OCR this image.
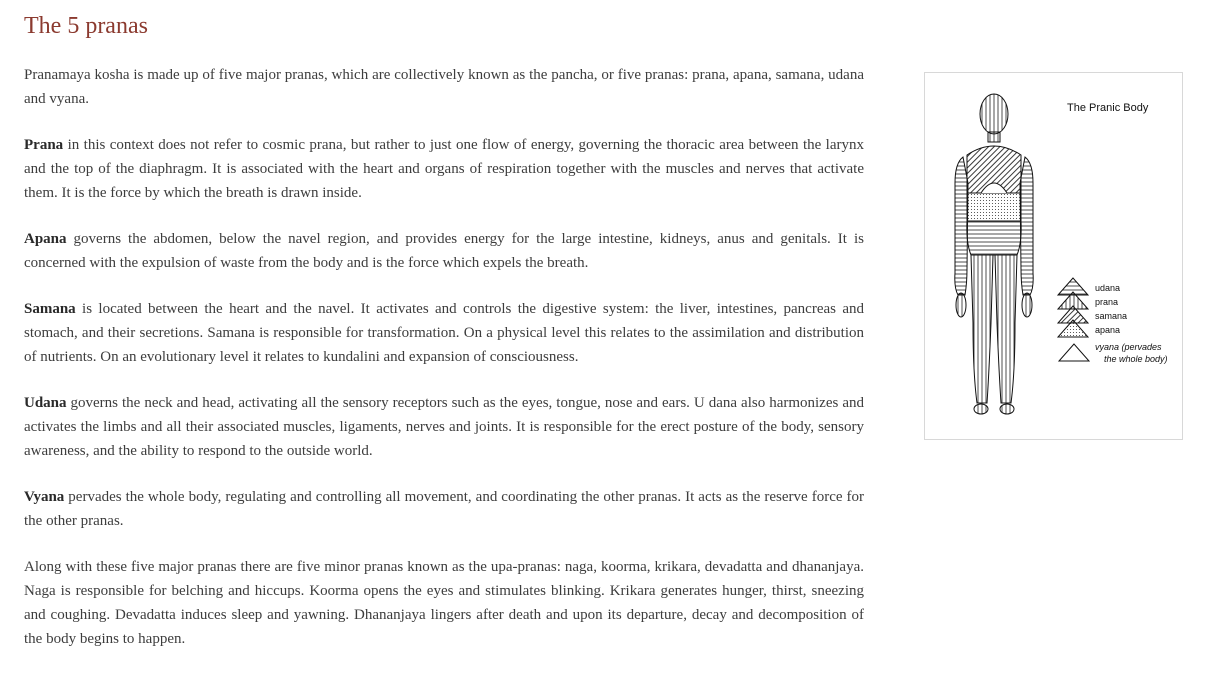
The 5 pranas

Pranamaya kosha is made up of five major pranas, which are collectively known as the pancha, or five pranas: prana, apana, samana, udana and vyana.

Prana in this context does not refer to cosmic prana, but rather to just one flow of energy, governing the thoracic area between the larynx and the top of the diaphragm. It is associated with the heart and organs of respiration together with the muscles and nerves that activate them. It is the force by which the breath is drawn inside.

Apana governs the abdomen, below the navel region, and provides energy for the large intestine, kidneys, anus and genitals. It is concerned with the expulsion of waste from the body and is the force which expels the breath.

Samana is located between the heart and the navel. It activates and controls the digestive system: the liver, intestines, pancreas and stomach, and their secretions. Samana is responsible for transformation. On a physical level this relates to the assimilation and distribution of nutrients. On an evolutionary level it relates to kundalini and expansion of consciousness.

Udana governs the neck and head, activating all the sensory receptors such as the eyes, tongue, nose and ears. U dana also harmonizes and activates the limbs and all their associated muscles, ligaments, nerves and joints. It is responsible for the erect posture of the body, sensory awareness, and the ability to respond to the outside world.

Vyana pervades the whole body, regulating and controlling all movement, and coordinating the other pranas. It acts as the reserve force for the other pranas.

Along with these five major pranas there are five minor pranas known as the upa-pranas: naga, koorma, krikara, devadatta and dhananjaya. Naga is responsible for belching and hiccups. Koorma opens the eyes and stimulates blinking. Krikara generates hunger, thirst, sneezing and coughing. Devadatta induces sleep and yawning. Dhananjaya lingers after death and upon its departure, decay and decomposition of the body begins to happen.

The Pranic Body
udana
prana
samana
apana
vyana (pervades
the whole body)
